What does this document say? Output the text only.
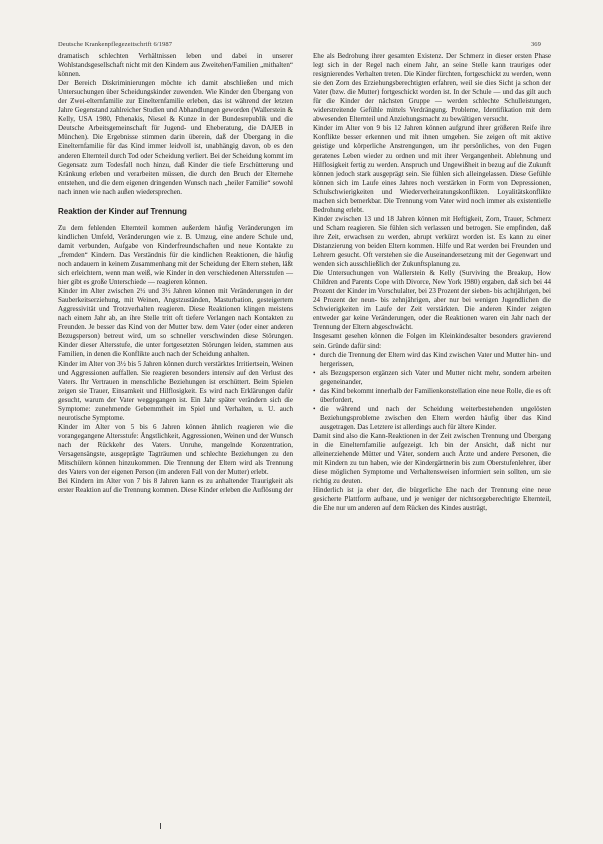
Deutsche Krankenpflegezeitschrift 6/1987	369

dramatisch schlechten Verhältnissen leben und dabei in unserer Wohlstandsgesellschaft nicht mit den Kindern aus Zweitehen/Familien „mithalten“ können.

Der Bereich Diskriminierungen möchte ich damit abschließen und mich Untersuchungen über Scheidungskinder zuwenden. Wie Kinder den Übergang von der Zwei-elternfamilie zur Einelternfamilie erleben, das ist während der letzten Jahre Gegenstand zahlreicher Studien und Abhandlungen geworden (Wallerstein & Kelly, USA 1980, Fthenakis, Niesel & Kunze in der Bundesrepublik und die Deutsche Arbeitsgemeinschaft für Jugend- und Eheberatung, die DAJEB in München). Die Ergebnisse stimmen darin überein, daß der Übergang in die Einelternfamilie für das Kind immer leidvoll ist, unabhängig davon, ob es den anderen Elternteil durch Tod oder Scheidung verliert. Bei der Scheidung kommt im Gegensatz zum Todesfall noch hinzu, daß Kinder die tiefe Erschütterung und Kränkung erleben und verarbeiten müssen, die durch den Bruch der Elternehe entstehen, und die dem eigenen dringenden Wunsch nach „heiler Familie“ sowohl nach innen wie nach außen wiedersprechen.

Reaktion der Kinder auf Trennung

Zu dem fehlenden Elternteil kommen außerdem häufig Veränderungen im kindlichen Umfeld, Veränderungen wie z. B. Umzug, eine andere Schule und, damit verbunden, Aufgabe von Kinderfreundschaften und neue Kontakte zu „fremden“ Kindern. Das Verständnis für die kindlichen Reaktionen, die häufig noch andauern in keinem Zusammenhang mit der Scheidung der Eltern stehen, läßt sich erleichtern, wenn man weiß, wie Kinder in den verschiedenen Altersstufen — hier gibt es große Unterschiede — reagieren können.

Kinder im Alter zwischen 2½ und 3½ Jahren können mit Veränderungen in der Sauberkeitserziehung, mit Weinen, Angstzuständen, Masturbation, gesteigertem Aggressivität und Trotzverhalten reagieren. Diese Reaktionen klingen meistens nach einem Jahr ab, an ihre Stelle tritt oft tiefere Verlangen nach Kontakten zu Freunden. Je besser das Kind von der Mutter bzw. dem Vater (oder einer anderen Bezugsperson) betreut wird, um so schneller verschwinden diese Störungen. Kinder dieser Altersstufe, die unter fortgesetzten Störungen leiden, stammen aus Familien, in denen die Konflikte auch nach der Scheidung anhalten.

Kinder im Alter von 3½ bis 5 Jahren können durch verstärktes Irritiertsein, Weinen und Aggressionen auffallen. Sie reagieren besonders intensiv auf den Verlust des Vaters. Ihr Vertrauen in menschliche Beziehungen ist erschüttert. Beim Spielen zeigen sie Trauer, Einsamkeit und Hilflosigkeit. Es wird nach Erklärungen dafür gesucht, warum der Vater weggegangen ist. Ein Jahr später verändern sich die Symptome: zunehmende Gebemmtheit im Spiel und Verhalten, u. U. auch neurotische Symptome.

Kinder im Alter von 5 bis 6 Jahren können ähnlich reagieren wie die vorangegangene Altersstufe: Ängstlichkeit, Aggressionen, Weinen und der Wunsch nach der Rückkehr des Vaters. Unruhe, mangelnde Konzentration, Versagensängste, ausgeprägte Tagträumen und schlechte Beziehungen zu den Mitschülern können hinzukommen. Die Trennung der Eltern wird als Trennung des Vaters von der eigenen Person (im anderen Fall von der Mutter) erlebt.

Bei Kindern im Alter von 7 bis 8 Jahren kann es zu anhaltender Traurigkeit als erster Reaktion auf die Trennung kommen. Diese Kinder erleben die Auflösung der

Ehe als Bedrohung ihrer gesamten Existenz. Der Schmerz in dieser ersten Phase legt sich in der Regel nach einem Jahr, an seine Stelle kann trauriges oder resignierendes Verhalten treten. Die Kinder fürchten, fortgeschickt zu werden, wenn sie den Zorn des Erziehungsberechtigten erfahren, weil sie dies Sicht ja schon der Vater (bzw. die Mutter) fortgeschickt worden ist. In der Schule — und das gilt auch für die Kinder der nächsten Gruppe — werden schlechte Schulleistungen, widerstreitende Gefühle mittels Verdrängung. Probleme, Identifikation mit dem abwesenden Elternteil und Anziehungsmacht zu bewältigen versucht.

Kinder im Alter von 9 bis 12 Jahren können aufgrund ihrer größeren Reife ihre Konflikte besser erkennen und mit ihnen umgehen. Sie zeigen oft mit aktive geistige und körperliche Anstrengungen, um ihr persönliches, von den Fugen geratenes Leben wieder zu ordnen und mit ihrer Vergangenheit. Ablehnung und Hilflosigkeit fertig zu werden. Anspruch und Ungewißheit in bezug auf die Zukunft können jedoch stark ausgeprägt sein. Sie fühlen sich alleingelassen. Diese Gefühle können sich im Laufe eines Jahres noch verstärken in Form von Depressionen, Schulschwierigkeiten und Wiederverheiratungskonflikten. Loyalitätskonflikte machen sich bemerkbar. Die Trennung vom Vater wird noch immer als existentielle Bedrohung erlebt.

Kinder zwischen 13 und 18 Jahren können mit Heftigkeit, Zorn, Trauer, Schmerz und Scham reagieren. Sie fühlen sich verlassen und betrogen. Sie empfinden, daß ihre Zeit, erwachsen zu werden, abrupt verkürzt worden ist. Es kann zu einer Distanzierung von beiden Eltern kommen. Hilfe und Rat werden bei Freunden und Lehrern gesucht. Oft verstehen sie die Auseinandersetzung mit der Gegenwart und wenden sich ausschließlich der Zukunftsplanung zu.

Die Untersuchungen von Wallerstein & Kelly (Surviving the Breakup, How Children and Parents Cope with Divorce, New York 1980) ergaben, daß sich bei 44 Prozent der Kinder im Vorschulalter, bei 23 Prozent der sieben- bis achtjährigen, bei 24 Prozent der neun- bis zehnjährigen, aber nur bei wenigen Jugendlichen die Schwierigkeiten im Laufe der Zeit verstärkten. Die anderen Kinder zeigten entweder gar keine Veränderungen, oder die Reaktionen waren ein Jahr nach der Trennung der Eltern abgeschwächt.

Insgesamt gesehen können die Folgen im Kleinkindesalter besonders gravierend sein. Gründe dafür sind:

• durch die Trennung der Eltern wird das Kind zwischen Vater und Mutter hin- und hergerissen,
• als Bezugsperson ergänzen sich Vater und Mutter nicht mehr, sondern arbeiten gegeneinander,
• das Kind bekommt innerhalb der Familienkonstellation eine neue Rolle, die es oft überfordert,
• die während und nach der Scheidung weiterbestehenden ungelösten Beziehungsprobleme zwischen den Eltern werden häufig über das Kind ausgetragen. Das Letztere ist allerdings auch für ältere Kinder.

Damit sind also die Kann-Reaktionen in der Zeit zwischen Trennung und Übergang in die Einelternfamilie aufgezeigt. Ich bin der Ansicht, daß nicht nur alleinerziehende Mütter und Väter, sondern auch Ärzte und andere Personen, die mit Kindern zu tun haben, wie der Kindergärtnerin bis zum Oberstufenlehrer, über diese möglichen Symptome und Verhaltensweisen informiert sein sollten, um sie richtig zu deuten.

Hinderlich ist ja eher der, die bürgerliche Ehe nach der Trennung eine neue gesicherte Plattform aufbaue, und je weniger der nichtsorgeberechtigte Elternteil, die Ehe nur um anderen auf dem Rücken des Kindes austrägt,
